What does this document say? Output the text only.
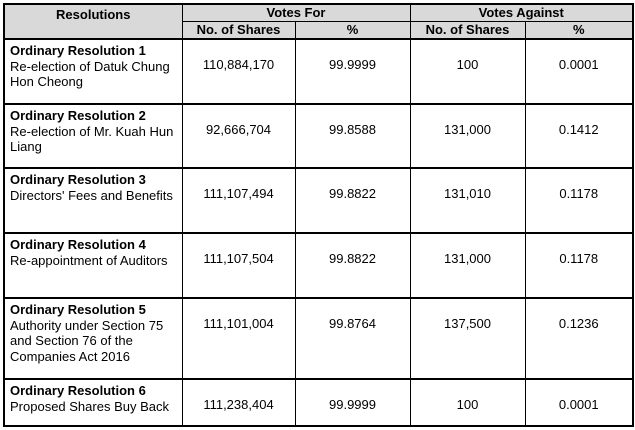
Resolutions	Votes For		Votes Against	
	No. of Shares	%	No. of Shares	%

Ordinary Resolution 1
Re-election of Datuk Chung Hon Cheong	110,884,170	99.9999	100	0.0001

Ordinary Resolution 2
Re-election of Mr. Kuah Hun Liang	92,666,704	99.8588	131,000	0.1412

Ordinary Resolution 3
Directors' Fees and Benefits	111,107,494	99.8822	131,010	0.1178

Ordinary Resolution 4
Re-appointment of Auditors	111,107,504	99.8822	131,000	0.1178

Ordinary Resolution 5
Authority under Section 75 and Section 76 of the Companies Act 2016	111,101,004	99.8764	137,500	0.1236

Ordinary Resolution 6
Proposed Shares Buy Back	111,238,404	99.9999	100	0.0001
